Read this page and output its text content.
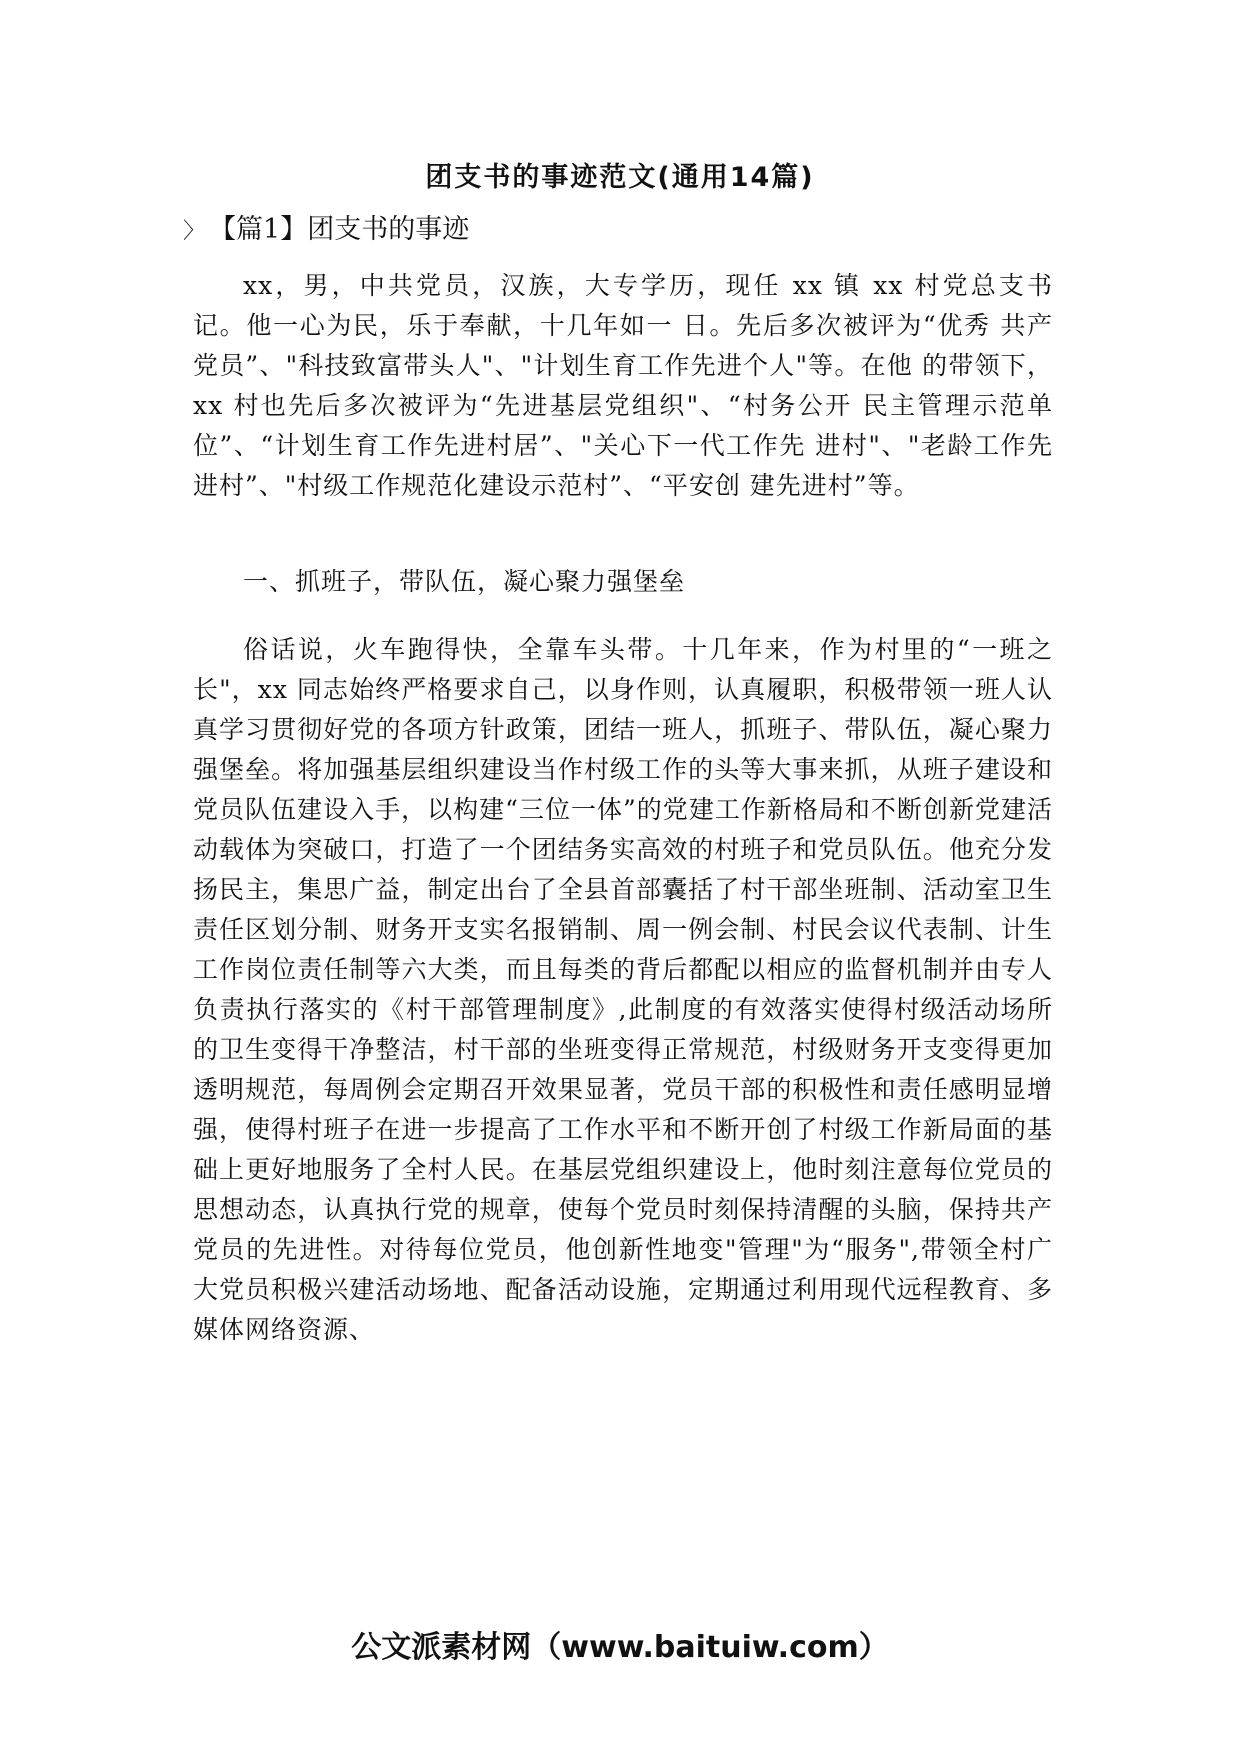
团支书的事迹范文(通用14篇)
〉 【篇1】团支书的事迹

xx，男，中共党员，汉族，大专学历，现任 xx 镇 xx 村党总支书 记。他一心为民，乐于奉献，十几年如一 日。先后多次被评为“优秀 共产党员”、"科技致富带头人"、"计划生育工作先进个人"等。在他 的带领下， xx 村也先后多次被评为“先进基层党组织"、“村务公开 民主管理示范单位”、“计划生育工作先进村居”、"关心下一代工作先 进村"、"老龄工作先进村”、"村级工作规范化建设示范村”、“平安创 建先进村”等。

一、抓班子，带队伍，凝心聚力强堡垒

俗话说，火车跑得快，全靠车头带。十几年来，作为村里的“一班之长"，xx 同志始终严格要求自己，以身作则，认真履职，积极带领一班人认真学习贯彻好党的各项方针政策，团结一班人，抓班子、带队伍，凝心聚力强堡垒。将加强基层组织建设当作村级工作的头等大事来抓，从班子建设和党员队伍建设入手，以构建“三位一体”的党建工作新格局和不断创新党建活动载体为突破口，打造了一个团结务实高效的村班子和党员队伍。他充分发扬民主，集思广益，制定出台了全县首部囊括了村干部坐班制、活动室卫生责任区划分制、财务开支实名报销制、周一例会制、村民会议代表制、计生工作岗位责任制等六大类，而且每类的背后都配以相应的监督机制并由专人负责执行落实的《村干部管理制度》,此制度的有效落实使得村级活动场所的卫生变得干净整洁，村干部的坐班变得正常规范，村级财务开支变得更加透明规范，每周例会定期召开效果显著，党员干部的积极性和责任感明显增强，使得村班子在进一步提高了工作水平和不断开创了村级工作新局面的基础上更好地服务了全村人民。在基层党组织建设上，他时刻注意每位党员的思想动态，认真执行党的规章，使每个党员时刻保持清醒的头脑，保持共产党员的先进性。对待每位党员，他创新性地变"管理"为“服务",带领全村广大党员积极兴建活动场地、配备活动设施，定期通过利用现代远程教育、多媒体网络资源、

公文派素材网（www.baituiw.com）
